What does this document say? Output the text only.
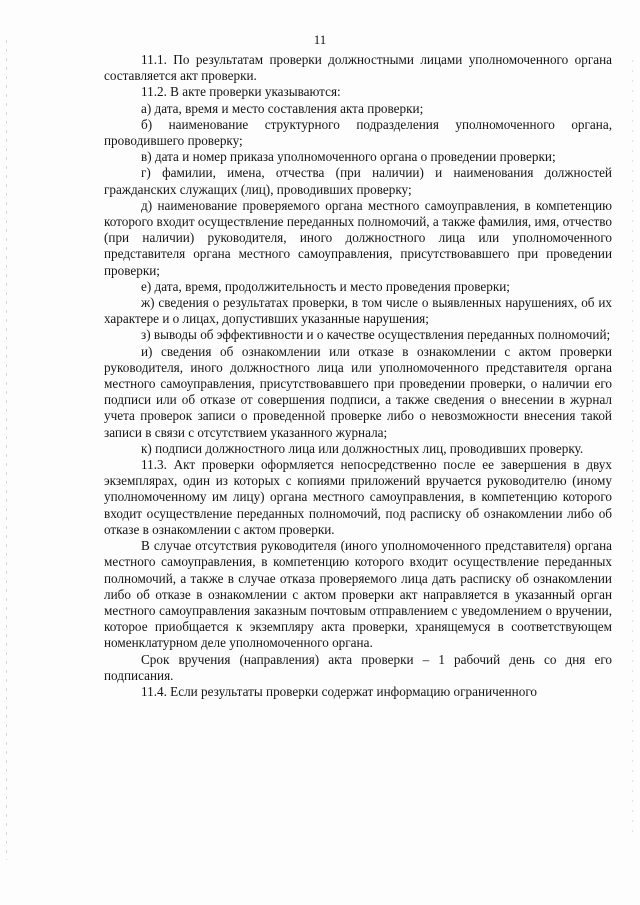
11

11.1. По результатам проверки должностными лицами уполномоченного органа составляется акт проверки.

11.2. В акте проверки указываются:

а) дата, время и место составления акта проверки;

б) наименование структурного подразделения уполномоченного органа, проводившего проверку;

в) дата и номер приказа уполномоченного органа о проведении проверки;

г) фамилии, имена, отчества (при наличии) и наименования должностей гражданских служащих (лиц), проводивших проверку;

д) наименование проверяемого органа местного самоуправления, в компетенцию которого входит осуществление переданных полномочий, а также фамилия, имя, отчество (при наличии) руководителя, иного должностного лица или уполномоченного представителя органа местного самоуправления, присутствовавшего при проведении проверки;

е) дата, время, продолжительность и место проведения проверки;

ж) сведения о результатах проверки, в том числе о выявленных нарушениях, об их характере и о лицах, допустивших указанные нарушения;

з) выводы об эффективности и о качестве осуществления переданных полномочий;

и) сведения об ознакомлении или отказе в ознакомлении с актом проверки руководителя, иного должностного лица или уполномоченного представителя органа местного самоуправления, присутствовавшего при проведении проверки, о наличии его подписи или об отказе от совершения подписи, а также сведения о внесении в журнал учета проверок записи о проведенной проверке либо о невозможности внесения такой записи в связи с отсутствием указанного журнала;

к) подписи должностного лица или должностных лиц, проводивших проверку.

11.3. Акт проверки оформляется непосредственно после ее завершения в двух экземплярах, один из которых с копиями приложений вручается руководителю (иному уполномоченному им лицу) органа местного самоуправления, в компетенцию которого входит осуществление переданных полномочий, под расписку об ознакомлении либо об отказе в ознакомлении с актом проверки.

В случае отсутствия руководителя (иного уполномоченного представителя) органа местного самоуправления, в компетенцию которого входит осуществление переданных полномочий, а также в случае отказа проверяемого лица дать расписку об ознакомлении либо об отказе в ознакомлении с актом проверки акт направляется в указанный орган местного самоуправления заказным почтовым отправлением с уведомлением о вручении, которое приобщается к экземпляру акта проверки, хранящемуся в соответствующем номенклатурном деле уполномоченного органа.

Срок вручения (направления) акта проверки – 1 рабочий день со дня его подписания.

11.4. Если результаты проверки содержат информацию ограниченного
